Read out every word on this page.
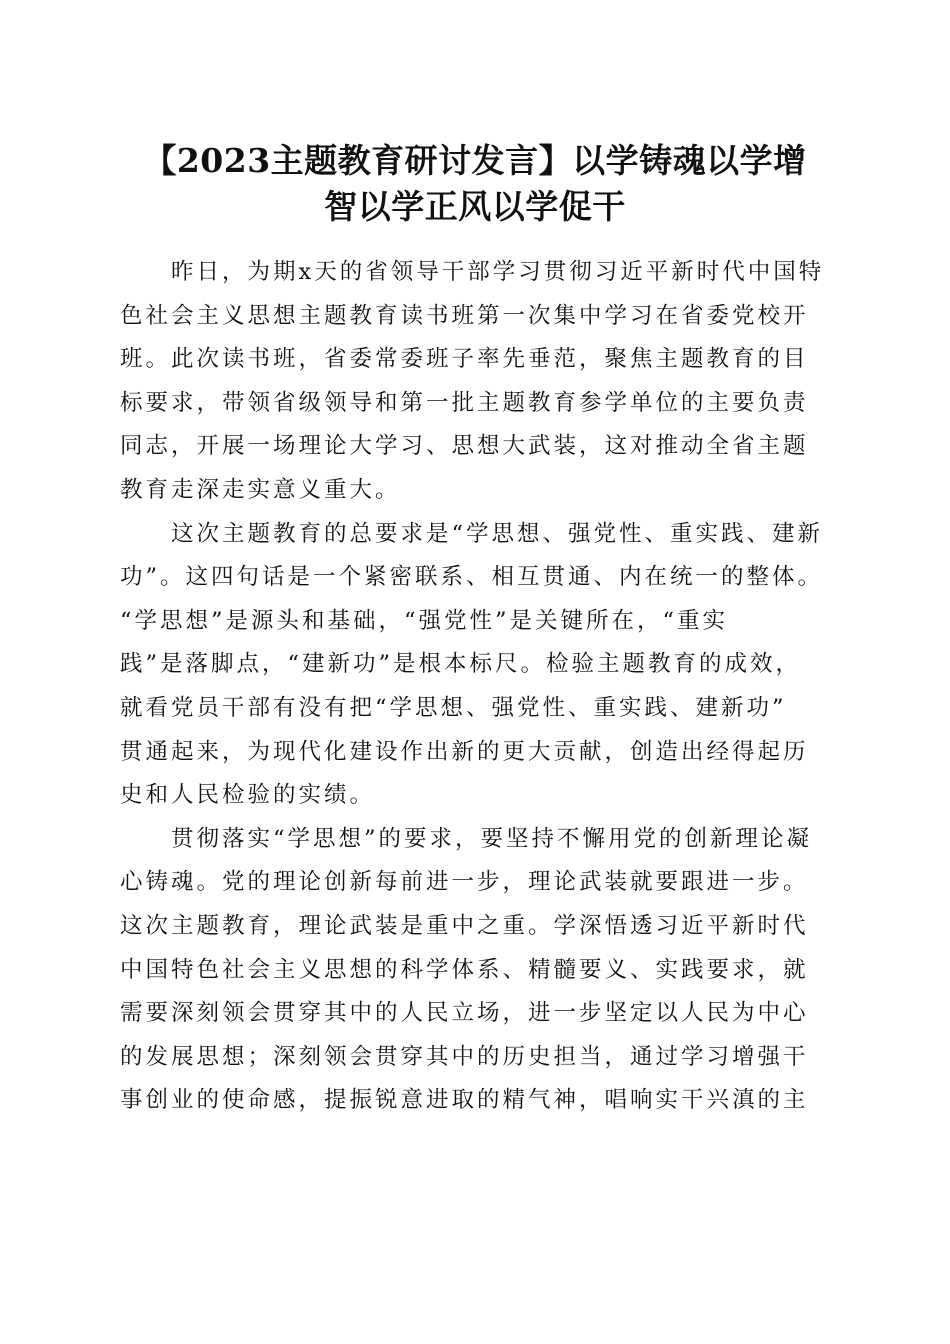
【2023主题教育研讨发言】以学铸魂以学增
智以学正风以学促干

　　昨日，为期x天的省领导干部学习贯彻习近平新时代中国特
色社会主义思想主题教育读书班第一次集中学习在省委党校开
班。此次读书班，省委常委班子率先垂范，聚焦主题教育的目
标要求，带领省级领导和第一批主题教育参学单位的主要负责
同志，开展一场理论大学习、思想大武装，这对推动全省主题
教育走深走实意义重大。

　　这次主题教育的总要求是“学思想、强党性、重实践、建新
功”。这四句话是一个紧密联系、相互贯通、内在统一的整体。
“学思想”是源头和基础，“强党性”是关键所在，“重实
践”是落脚点，“建新功”是根本标尺。检验主题教育的成效，
就看党员干部有没有把“学思想、强党性、重实践、建新功”
贯通起来，为现代化建设作出新的更大贡献，创造出经得起历
史和人民检验的实绩。

　　贯彻落实“学思想”的要求，要坚持不懈用党的创新理论凝
心铸魂。党的理论创新每前进一步，理论武装就要跟进一步。
这次主题教育，理论武装是重中之重。学深悟透习近平新时代
中国特色社会主义思想的科学体系、精髓要义、实践要求，就
需要深刻领会贯穿其中的人民立场，进一步坚定以人民为中心
的发展思想；深刻领会贯穿其中的历史担当，通过学习增强干
事创业的使命感，提振锐意进取的精气神，唱响实干兴滇的主
